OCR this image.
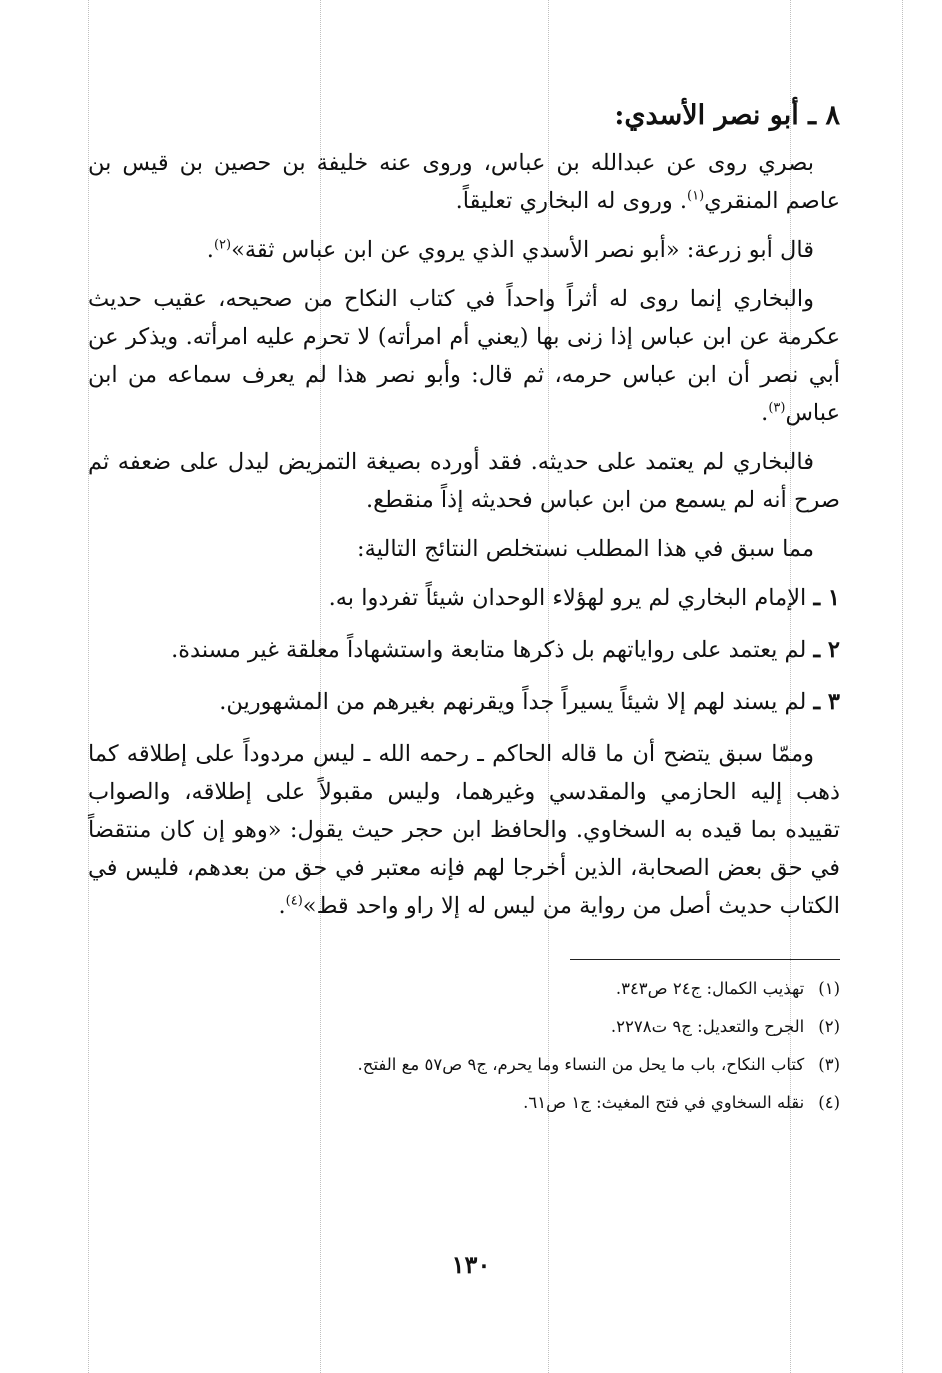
٨ ـ أبو نصر الأسدي:

بصري روى عن عبدالله بن عباس، وروى عنه خليفة بن حصين بن قيس بن عاصم المنقري$^{(١)}$. وروى له البخاري تعليقاً.

قال أبو زرعة: «أبو نصر الأسدي الذي يروي عن ابن عباس ثقة»$^{(٢)}$.

والبخاري إنما روى له أثراً واحداً في كتاب النكاح من صحيحه، عقيب حديث عكرمة عن ابن عباس إذا زنى بها (يعني أم امرأته) لا تحرم عليه امرأته. ويذكر عن أبي نصر أن ابن عباس حرمه، ثم قال: وأبو نصر هذا لم يعرف سماعه من ابن عباس$^{(٣)}$.

فالبخاري لم يعتمد على حديثه. فقد أورده بصيغة التمريض ليدل على ضعفه ثم صرح أنه لم يسمع من ابن عباس فحديثه إذاً منقطع.

مما سبق في هذا المطلب نستخلص النتائج التالية:

١ ـ الإمام البخاري لم يرو لهؤلاء الوحدان شيئاً تفردوا به.
٢ ـ لم يعتمد على رواياتهم بل ذكرها متابعة واستشهاداً معلقة غير مسندة.
٣ ـ لم يسند لهم إلا شيئاً يسيراً جداً ويقرنهم بغيرهم من المشهورين.

وممّا سبق يتضح أن ما قاله الحاكم ـ رحمه الله ـ ليس مردوداً على إطلاقه كما ذهب إليه الحازمي والمقدسي وغيرهما، وليس مقبولاً على إطلاقه، والصواب تقييده بما قيده به السخاوي. والحافظ ابن حجر حيث يقول: «وهو إن كان منتقضاً في حق بعض الصحابة، الذين أخرجا لهم فإنه معتبر في حق من بعدهم، فليس في الكتاب حديث أصل من رواية من ليس له إلا راو واحد قط»$^{(٤)}$.

(١)تهذيب الكمال: ج٢٤ ص٣٤٣.
(٢)الجرح والتعديل: ج٩ ت٢٢٧٨.
(٣)كتاب النكاح، باب ما يحل من النساء وما يحرم، ج٩ ص٥٧ مع الفتح.
(٤)نقله السخاوي في فتح المغيث: ج١ ص٦١.
١٣٠
